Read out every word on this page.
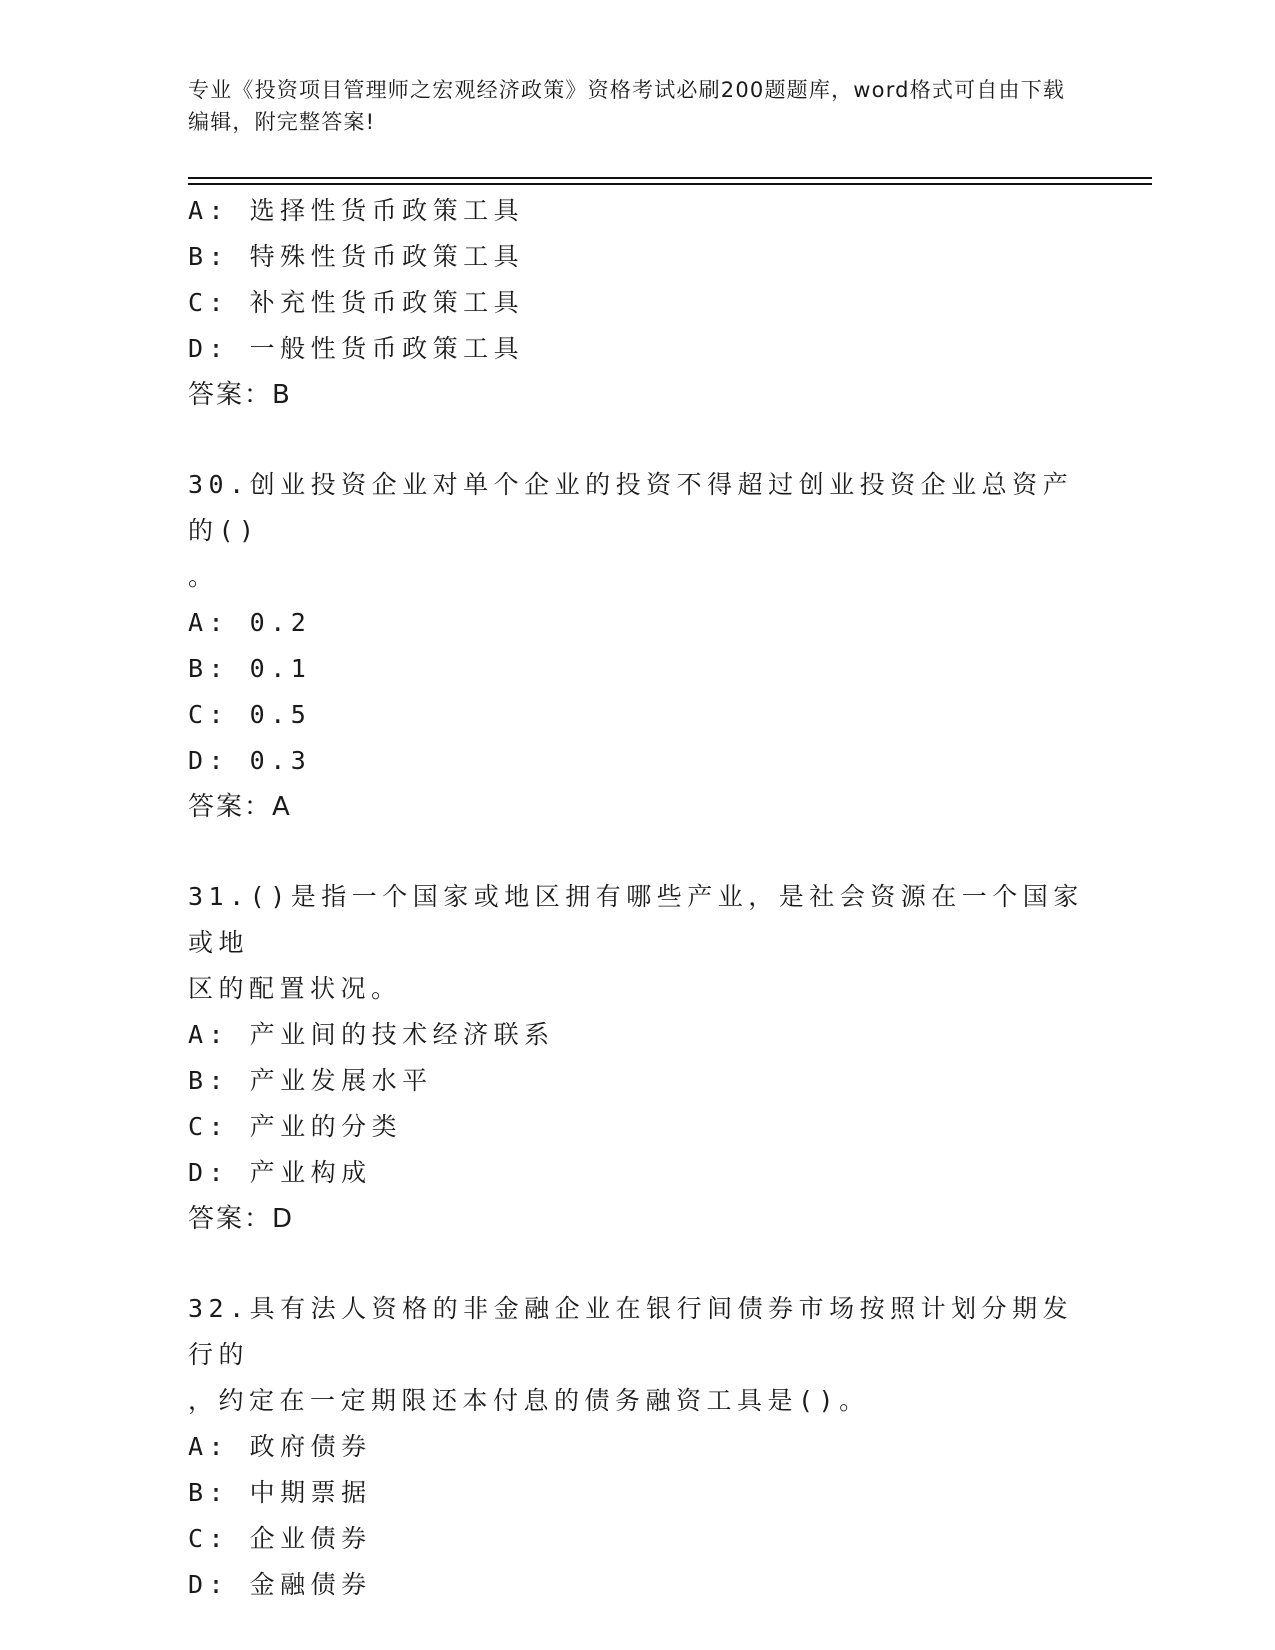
专业《投资项目管理师之宏观经济政策》资格考试必刷200题题库，word格式可自由下载编辑，附完整答案!
A: 选择性货币政策工具
B: 特殊性货币政策工具
C: 补充性货币政策工具
D: 一般性货币政策工具
答案：B
30.创业投资企业对单个企业的投资不得超过创业投资企业总资产的()
。
A: 0.2
B: 0.1
C: 0.5
D: 0.3
答案：A
31.()是指一个国家或地区拥有哪些产业，是社会资源在一个国家或地
区的配置状况。
A: 产业间的技术经济联系
B: 产业发展水平
C: 产业的分类
D: 产业构成
答案：D
32.具有法人资格的非金融企业在银行间债券市场按照计划分期发行的
，约定在一定期限还本付息的债务融资工具是()。
A: 政府债券
B: 中期票据
C: 企业债券
D: 金融债券
